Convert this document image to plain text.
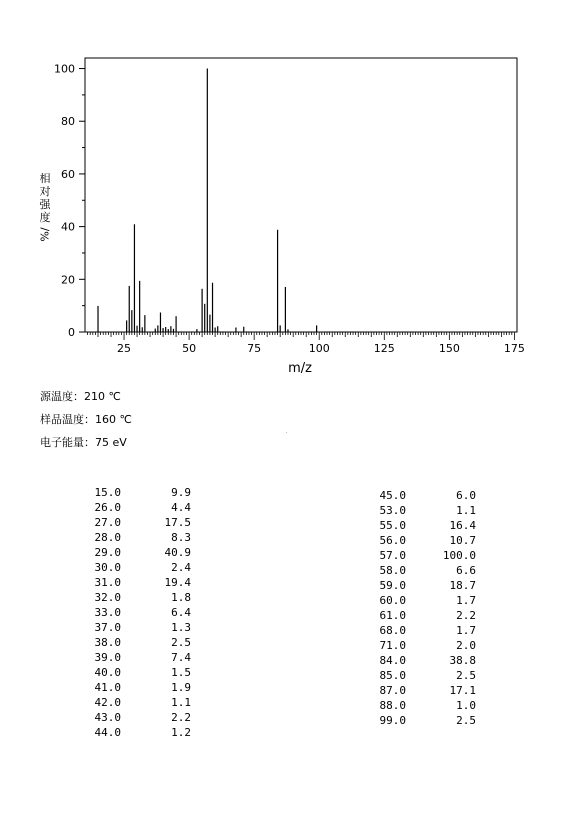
0
20
40
60
80
100
25	50	75	100	125	150	175
m/z
相
对
强
度
%/
源温度：210 ℃
样品温度：160 ℃
电子能量：75 eV
15.0	9.9
26.0	4.4
27.0	17.5
28.0	8.3
29.0	40.9
30.0	2.4
31.0	19.4
32.0	1.8
33.0	6.4
37.0	1.3
38.0	2.5
39.0	7.4
40.0	1.5
41.0	1.9
42.0	1.1
43.0	2.2
44.0	1.2
45.0	6.0
53.0	1.1
55.0	16.4
56.0	10.7
57.0	100.0
58.0	6.6
59.0	18.7
60.0	1.7
61.0	2.2
68.0	1.7
71.0	2.0
84.0	38.8
85.0	2.5
87.0	17.1
88.0	1.0
99.0	2.5
